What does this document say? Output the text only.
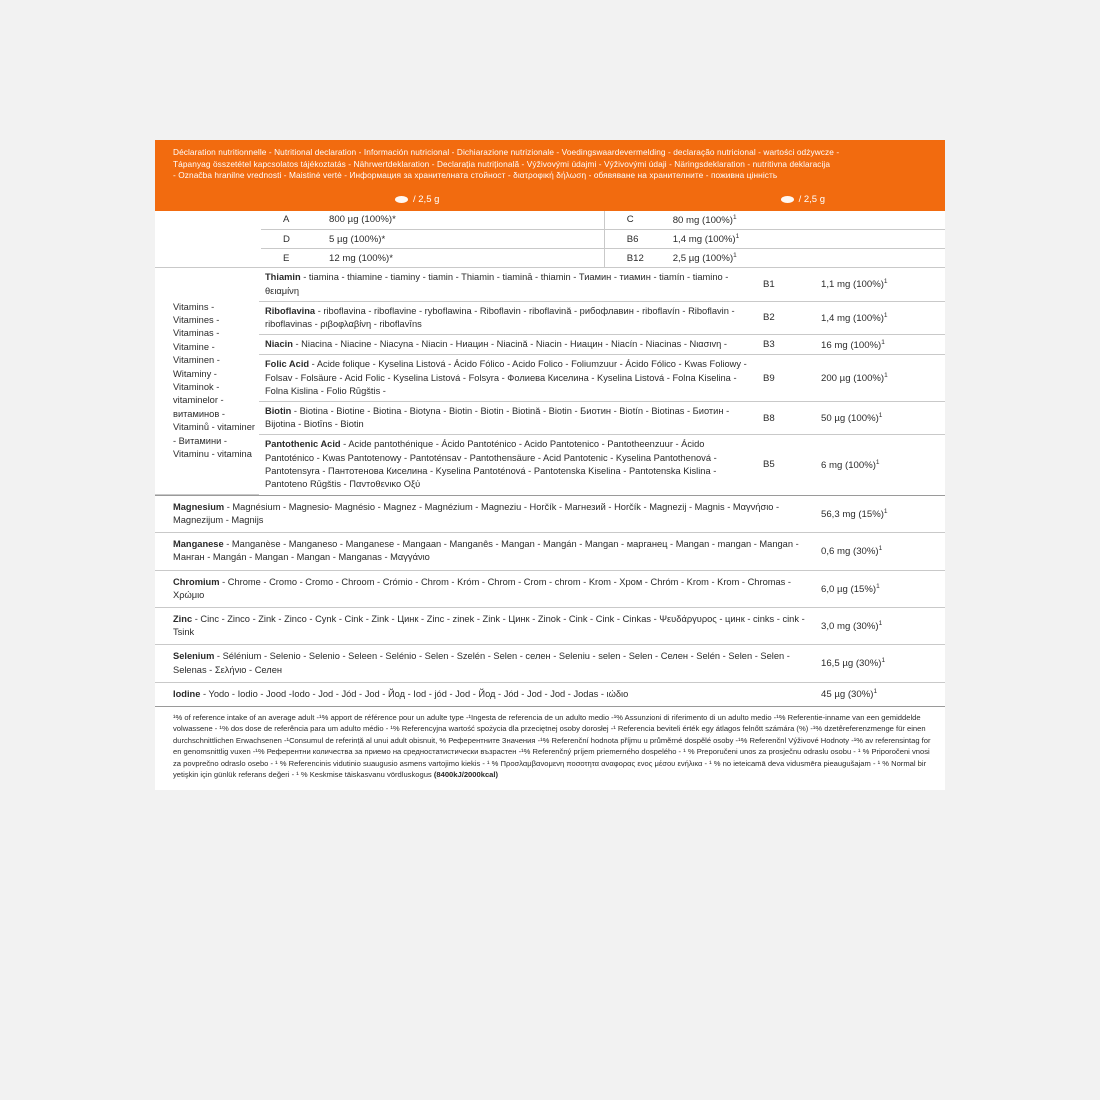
Déclaration nutritionnelle - Nutritional declaration - Información nutricional - Dichiarazione nutrizionale - Voedingswaardevermelding - declaração nutricional - wartości odżywcze -
Tápanyag összetétel kapcsolatos tájékoztatás - Nährwertdeklaration - Declarația nutrițională - Výživovými údajmi - Výživovými údaji - Näringsdeklaration - nutritivna deklaracija
- Označba hranilne vrednosti - Maistinė vertė - Информация за хранителната стойност - διατροφική δήλωση - обявяване на хранителните - поживна цінність
/ 2,5 g	/ 2,5 g
	A	800 µg (100%)*	C	80 mg $(100\%)^1$
	D	5 µg (100%)*	B6	1,4 mg $(100\%)^1$
	E	12 mg (100%)*	B12	2,5 µg $(100\%)^1$
Vitamins - Vitamines - Vitaminas - Vitamine - Vitaminen - Witaminy - Vitaminok - vitaminelor - витаминов - Vitaminů - vitaminer - Витамини - Vitaminu - vitamina	Thiamin - tiamina - thiamine - tiaminy - tiamin - Thiamin - tiaminā - thiamin - Тиамин - тиамин - tiamín - tiamino - θειαμίνη	B1	1,1 mg $(100\%)^1$
	Riboflavina - riboflavina - riboflavine - ryboflawina - Riboflavin - riboflavină - рибофлавин - riboflavín - Riboflavin - riboflavinas - ριβοφλαβίνη - riboflavīns	B2	1,4 mg $(100\%)^1$
	Niacin - Niacina - Niacine - Niacyna - Niacin - Ниацин - Niacină - Niacin - Ниацин - Niacín - Niacinas - Νιασιvη -	B3	16 mg $(100\%)^1$
	Folic Acid - Acide folique - Kyselina Listová - Ácido Fólico - Acido Folico - Foliumzuur - Ácido Fólico - Kwas Foliowy - Folsav - Folsäure - Acid Folic - Kyselina Listová - Folsyra - Фолиева Киселина - Kyselina Listová - Folna Kiselina - Folna Kislina - Folio Rūgštis -	B9	200 µg $(100\%)^1$
	Biotin - Biotina - Biotine - Biotina - Biotyna - Biotin - Biotin - Biotină - Biotin - Биотин - Biotín - Biotinas - Биотин - Bijotina - Biotīns - Biotin	B8	50 µg $(100\%)^1$
	Pantothenic Acid - Acide pantothénique - Ácido Pantoténico - Acido Pantotenico - Pantotheenzuur - Ácido Pantoténico - Kwas Pantotenowy - Pantoténsav - Pantothensäure - Acid Pantotenic - Kyselina Pantothenová - Pantotensyra - Пантотенова Киселина - Kyselina Pantoténová - Pantotenska Kiselina - Pantotenska Kislina - Pantoteno Rūgštis - Πανтοθενικο Οξύ	B5	6 mg $(100\%)^1$
Magnesium - Magnésium - Magnesio- Magnésio - Magnez - Magnézium - Magneziu - Horčík - Магнезий - Horčík - Magnezij - Magnis - Μαγνήσιο - Magnezijum - Magnijs	56,3 mg $(15\%)^1$
Manganese - Manganèse - Manganeso - Manganese - Mangaan - Manganês - Mangan - Mangán - Mangan - марганец - Mangan - mangan - Mangan - Манган - Mangán - Mangan - Mangan - Manganas - Μαγγάνιο	0,6 mg $(30\%)^1$
Chromium - Chrome - Cromo - Cromo - Chroom - Crómio - Chrom - Króm - Chrom - Crom - chrom - Krom - Хром - Chróm - Krom - Krom - Chromas - Χρώμιο	6,0 µg $(15\%)^1$
Zinc - Cinc - Zinco - Zink - Zinco - Cynk - Cink - Zink - Цинк - Zinc - zinek - Zink - Цинк - Zinok - Cink - Cink - Cinkas - Ψευδάργυρος - цинк - cinks - cink - Tsink	3,0 mg $(30\%)^1$
Selenium - Sélénium - Selenio - Selenio - Seleen - Selénio - Selen - Szelén - Selen - селен - Seleniu - selen - Selen - Селен - Selén - Selen - Selen - Selenas - Σελήνιο - Селен	16,5 µg $(30\%)^1$
Iodine - Yodo - Iodio - Jood -Iodo - Jod - Jód - Jod - Йод - Iod - jód - Jod - Йод - Jód - Jod - Jod - Jodas - ιώδιο	45 µg $(30\%)^1$
¹% of reference intake of an average adult -¹% apport de référence pour un adulte type -¹Ingesta de referencia de un adulto medio -¹% Assunzioni di riferimento di un adulto medio -¹% Referentie-inname van een gemiddelde volwassene - ¹% dos dose de referência para um adulto médio - ¹% Referencyjna wartość spożycia dla przeciętnej osoby dorosłej -¹ Referencia beviteli érték egy átlagos felnőtt számára (%) -¹% dzetêreferenzmenge für einen durchschnittlichen Erwachsenen -¹Consumul de referință al unui adult obisnuit, % Референтните Значения -¹% Referenční hodnota příjmu u průměrné dospělé osoby -¹% Referenčnl Výživové Hodnoty -¹% av referensintag for en genomsnittlig vuxen -¹% Референтни количества за приемo на среднoстатистически възрастен -¹% Referenčný príjem priemerného dospelého - ¹ % Preporučeni unos za prosječnu odraslu osobu - ¹ % Priporočeni vnosi za povprečno odraslo osebo - ¹ % Referencinis vidutinio suaugusio asmens vartojimo kiekis - ¹ % Προσλαμβανομενη ποσοτητα αναφορας ενος μέσου ενήλικα - ¹ % no ieteicamā deva vidusmēra pieaugušajam - ¹ % Normal bir yetişkin için günlük referans değeri - ¹ % Keskmise täiskasvanu vördluskogus (8400kJ/2000kcal)
